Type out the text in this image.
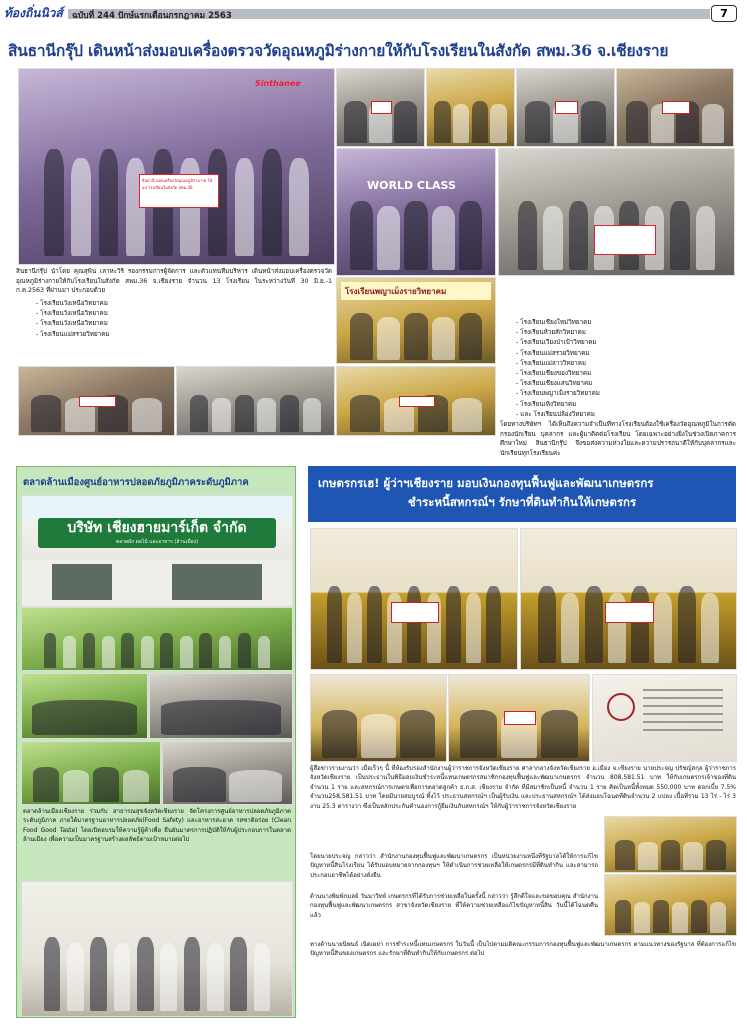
ท้องถิ่นนิวส์	ฉบับที่ 244 ปักษ์แรกเดือนกรกฎาคม 2563	7
สินธานีกรุ๊ป เดินหน้าส่งมอบเครื่องตรวจวัดอุณหภูมิร่างกายให้กับโรงเรียนในสังกัด สพม.36 จ.เชียงราย
สินธานี มอบเครื่องวัดอุณหภูมิร่างกาย ให้แก่ โรงเรียนในสังกัด สพม.36
Sinthanee
WORLD CLASS
โรงเรียนพญาเม็งรายวิทยาคม
สินธานีกรุ๊ป นำโดย คุณสุพิน เลาหะวิริ รองกรรมการผู้จัดการ และตัวแทนทีมบริหาร เดินหน้าส่งมอบเครื่องตรวจวัดอุณหภูมิร่างกายให้กับโรงเรียนในสังกัด สพม.36 จ.เชียงราย จำนวน 13 โรงเรียน ในระหว่างวันที่ 30 มิ.ย.-1 ก.ค.2563 ที่ผ่านมา ประกอบด้วย
- โรงเรียนวังเหนือวิทยาคม
- โรงเรียนวังเหนือวิทยาคม
- โรงเรียนวังเหนือวิทยาคม
- โรงเรียนแม่สรวยวิทยาคม
- โรงเรียนเชียงใหม่วิทยาคม
- โรงเรียนห้วยสักวิทยาคม
- โรงเรียนเวียงป่าเป้าวิทยาคม
- โรงเรียนแม่สรวยวิทยาคม
- โรงเรียนแม่ลาววิทยาคม
- โรงเรียนเชียงของวิทยาคม
- โรงเรียนเชียงแสนวิทยาคม
- โรงเรียนพญาเม็งรายวิทยาคม
- โรงเรียนเทิงวิทยาคม
- และ โรงเรียนปล้องวิทยาคม
โดยทางบริษัทฯ ได้เห็นถึงความจำเป็นที่ทางโรงเรียนต้องใช้เครื่องวัดอุณหภูมิในการคัดกรองนักเรียน บุคลากร และผู้มาติดต่อโรงเรียน โดยเฉพาะอย่างยิ่งในช่วงเปิดภาคการศึกษาใหม่ สินธานีกรุ๊ป จึงขอส่งความห่วงใยและความปรารถนาดีให้กับบุคลากรและนักเรียนทุกโรงเรียนค่ะ
ตลาดล้านเมืองศูนย์อาหารปลอดภัยภูมิภาคระดับภูมิภาค
บริษัท เชียงฮายมาร์เก็ต จำกัด
ตลาดผัก ผลไม้ และอาหาร (ล้านเมือง)
ตลาดล้านเมืองเชียงราย ร่วมกับ สาธารณสุขจังหวัดเชียงราย จัดโครงการศูนย์อาหารปลอดภัยภูมิภาคระดับภูมิภาค ภายใต้มาตรฐานอาหารปลอดภัย(Food Safety) และอาหารสะอาด รสชาติอร่อย (Clean Food Good Taste) โดยเปิดอบรมให้ความรู้ผู้ค้าเพื่อ ยืนยันมาตรการปฏิบัติให้กับผู้ประกอบการในตลาดล้านเมือง เพื่อความเป็นมาตรฐานสร้างผลลัพธ์ตามเป้าหมายต่อไป
เกษตรกรเฮ! ผู้ว่าฯเชียงราย มอบเงินกองทุนฟื้นฟูและพัฒนาเกษตรกร
ชำระหนี้สหกรณ์ฯ รักษาที่ดินทำกินให้เกษตรกร
ผู้สื่อข่าวรายงานว่า เมื่อเร็วๆ นี้ ที่ห้องรับรองสำนักงานผู้ว่าราชการจังหวัดเชียงราย ศาลากลางจังหวัดเชียงราย อ.เมือง จ.เชียงราย นายประจญ ปรัชญ์สกุล ผู้ว่าราชการจังหวัดเชียงราย เป็นประธานในพิธีมอบเงินชำระหนี้แทนเกษตรกรสมาชิกกองทุนฟื้นฟูและพัฒนาเกษตรกร จำนวน 808,581.51 บาท ให้กับเกษตรกรเจ้าของที่ดิน จำนวน 1 ราย และสหกรณ์การเกษตรเพื่อการตลาดลูกค้า ธ.ก.ส. เชียงราย จำกัด ที่มีสมาชิกเป็นหนี้ จำนวน 1 ราย คิดเป็นหนี้ทั้งหมด 550,000 บาท ดอกเบี้ย 7.5% จำนวน258,581.51 บาท โดยมีนายสมบูรณ์ ทิ้งไว้ ประธานสหกรณ์ฯ เป็นผู้รับเงิน และประธานสหกรณ์ฯ ได้ส่งมอบโฉนดที่ดินจำนวน 2 แปลง เนื้อที่รวม 13 ไร่ - ไร่ 3 งาน 25.3 ตารางวา ซึ่งเป็นหลักประกันคำนองการกู้ยืมเงินกับสหกรณ์ฯ ให้กับผู้ว่าราชการจังหวัดเชียงราย
โดยนายประจญ กล่าวว่า สำนักงานกองทุนฟื้นฟูและพัฒนาเกษตรกร เป็นหน่วยงานหนึ่งที่รัฐบาลได้ให้การแก้ไขปัญหาหนี้สินโรงเรียน ได้รับมอบหมายจากกองทุนฯ ให้ดำเนินการช่วยเหลือให้เกษตรกรมีที่ดินทำกิน และสามารถประกอบอาชีพได้อย่างยั่งยืน
ด้านนางพิมพ์กมลย์ วันนาวิทย์ เกษตรกรที่ได้รับการช่วยเหลือในครั้งนี้ กล่าวว่า รู้สึกดีใจและขอขอบคุณ สำนักงานกองทุนฟื้นฟูและพัฒนาเกษตรกร สาขาจังหวัดเชียงราย ที่ให้ความช่วยเหลือแก้ไขปัญหาหนี้สิน วันนี้ได้โฉนดคืนแล้ว
ทางด้านนายนิพนธ์ เนิดเผย่า การชำระหนี้แทนเกษตรกร ในวันนี้ เป็นไปตามมติคณะกรรมการกองทุนฟื้นฟูและพัฒนาเกษตรกร ตามแนวทางของรัฐบาล ที่ต้องการแก้ไขปัญหาหนี้สินของเกษตรกร และรักษาที่ดินทำกินให้กับเกษตรกร ต่อไป
